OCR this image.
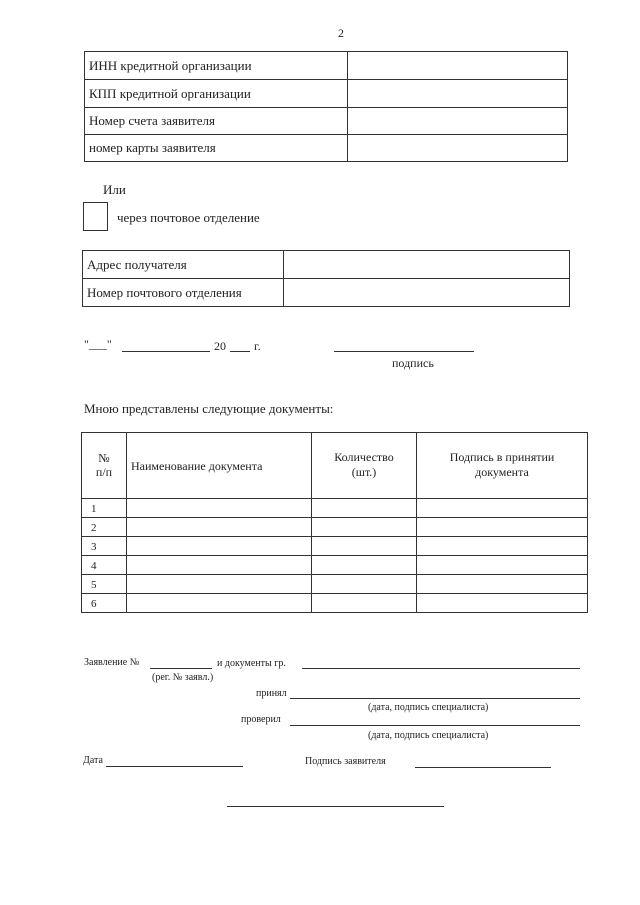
2
ИНН кредитной организации	
КПП кредитной организации	
Номер счета заявителя	
номер карты заявителя	
Или
через почтовое отделение
Адрес получателя	
Номер почтового отделения	
"___"	20 г.
подпись
Мною представлены следующие документы:
№ п/п	Наименование документа	Количество (шт.)	Подпись в принятии документа
1			
2			
3			
4			
5			
6			
Заявление №	и документы гр.
(рег. № заявл.)
принял
(дата, подпись специалиста)
проверил
(дата, подпись специалиста)
Дата	Подпись заявителя
